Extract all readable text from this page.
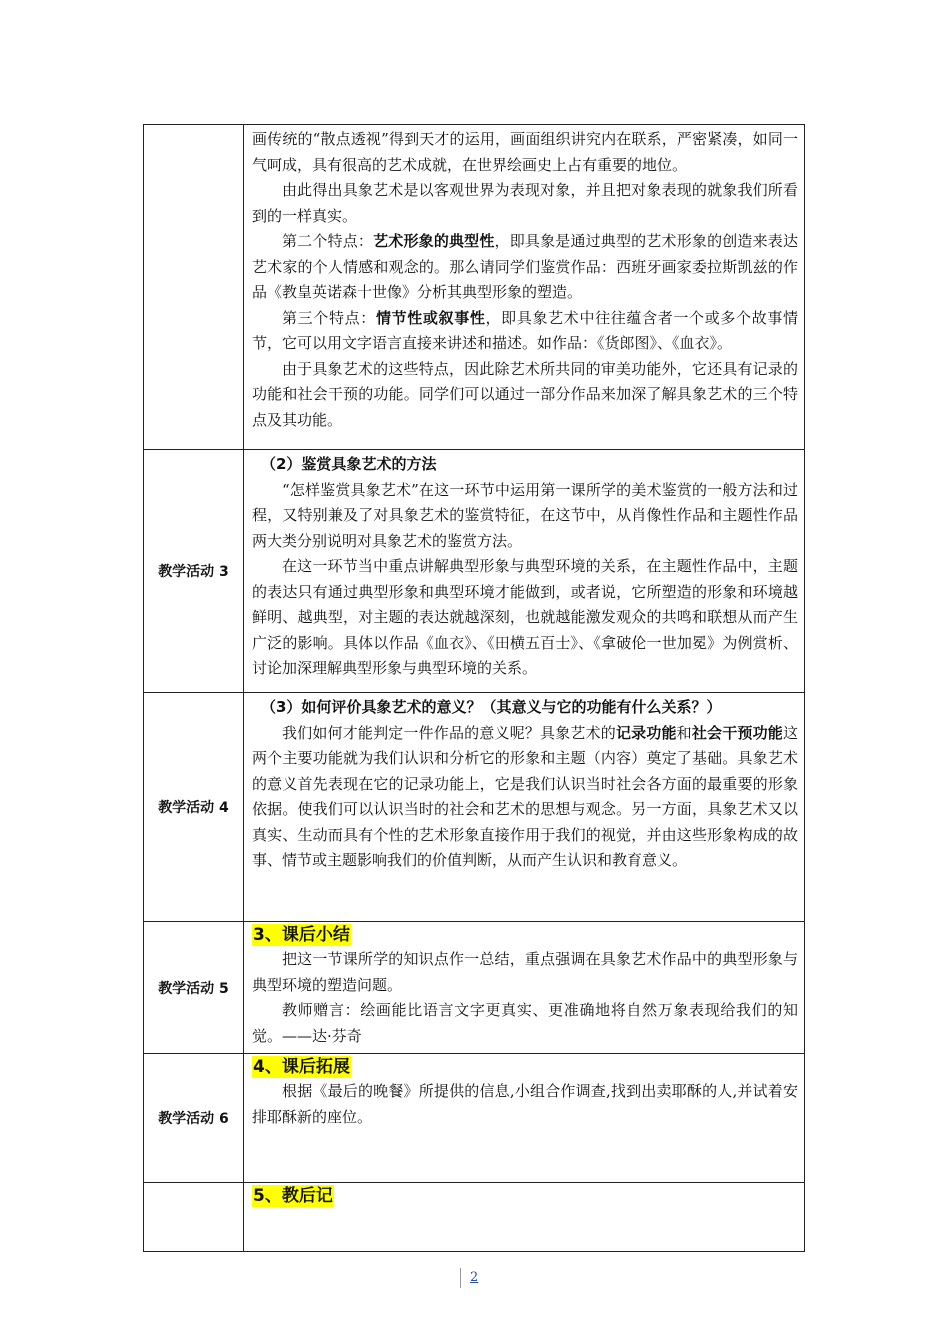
	画传统的“散点透视”得到天才的运用，画面组织讲究内在联系，严密紧凑，如同一气呵成，具有很高的艺术成就，在世界绘画史上占有重要的地位。

由此得出具象艺术是以客观世界为表现对象，并且把对象表现的就象我们所看到的一样真实。

第二个特点：艺术形象的典型性，即具象是通过典型的艺术形象的创造来表达艺术家的个人情感和观念的。那么请同学们鉴赏作品：西班牙画家委拉斯凯兹的作品《教皇英诺森十世像》分析其典型形象的塑造。

第三个特点：情节性或叙事性，即具象艺术中往往蕴含者一个或多个故事情节，它可以用文字语言直接来讲述和描述。如作品：《货郎图》、《血衣》。

由于具象艺术的这些特点，因此除艺术所共同的审美功能外，它还具有记录的功能和社会干预的功能。同学们可以通过一部分作品来加深了解具象艺术的三个特点及其功能。

教学活动 3	（2）鉴赏具象艺术的方法

“怎样鉴赏具象艺术”在这一环节中运用第一课所学的美术鉴赏的一般方法和过程，又特别兼及了对具象艺术的鉴赏特征，在这节中，从肖像性作品和主题性作品两大类分别说明对具象艺术的鉴赏方法。

在这一环节当中重点讲解典型形象与典型环境的关系，在主题性作品中，主题的表达只有通过典型形象和典型环境才能做到，或者说，它所塑造的形象和环境越鲜明、越典型，对主题的表达就越深刻，也就越能激发观众的共鸣和联想从而产生广泛的影响。具体以作品《血衣》、《田横五百士》、《拿破伦一世加冕》为例赏析、讨论加深理解典型形象与典型环境的关系。

教学活动 4	（3）如何评价具象艺术的意义？（其意义与它的功能有什么关系？）

我们如何才能判定一件作品的意义呢？具象艺术的记录功能和社会干预功能这两个主要功能就为我们认识和分析它的形象和主题（内容）奠定了基础。具象艺术的意义首先表现在它的记录功能上，它是我们认识当时社会各方面的最重要的形象依据。使我们可以认识当时的社会和艺术的思想与观念。另一方面，具象艺术又以真实、生动而具有个性的艺术形象直接作用于我们的视觉，并由这些形象构成的故事、情节或主题影响我们的价值判断，从而产生认识和教育意义。

教学活动 5	3、课后小结

把这一节课所学的知识点作一总结，重点强调在具象艺术作品中的典型形象与典型环境的塑造问题。

教师赠言：绘画能比语言文字更真实、更准确地将自然万象表现给我们的知觉。——达·芬奇

教学活动 6	4、课后拓展

根据《最后的晚餐》所提供的信息,小组合作调查,找到出卖耶酥的人,并试着安排耶酥新的座位。

	5、教后记
2
